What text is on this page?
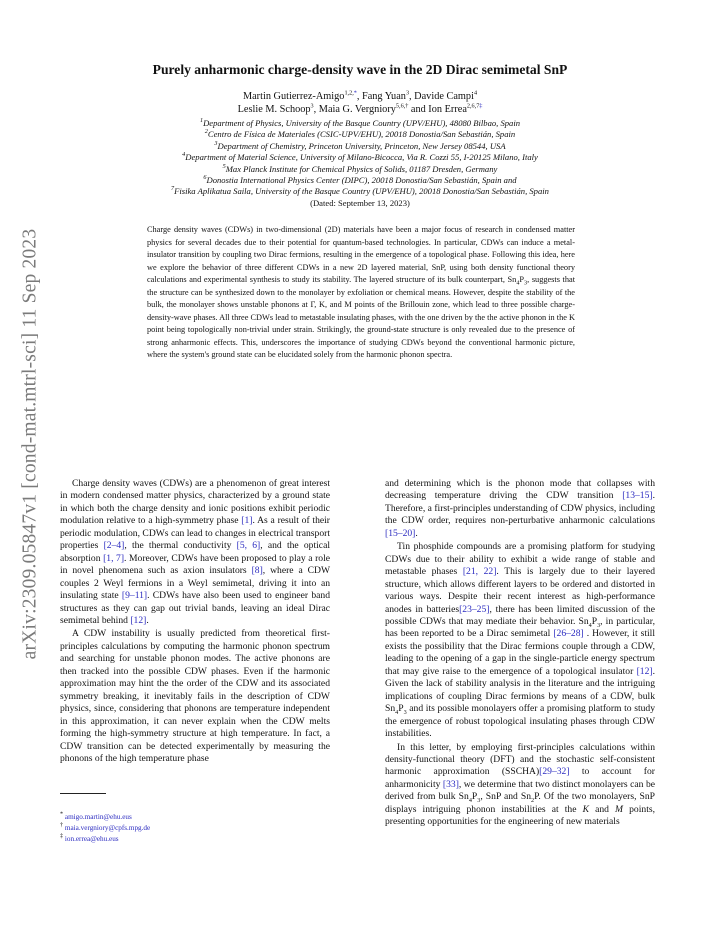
arXiv:2309.05847v1 [cond-mat.mtrl-sci] 11 Sep 2023
Purely anharmonic charge-density wave in the 2D Dirac semimetal SnP
Martin Gutierrez-Amigo$^{1,2,*}$, Fang Yuan$^3$, Davide Campi$^4$
Leslie M. Schoop$^3$, Maia G. Vergniory$^{5,6,\dagger}$ and Ion Errea$^{2,6,7\ddagger}$
$^1$Department of Physics, University of the Basque Country (UPV/EHU), 48080 Bilbao, Spain
$^2$Centro de Física de Materiales (CSIC-UPV/EHU), 20018 Donostia/San Sebastián, Spain
$^3$Department of Chemistry, Princeton University, Princeton, New Jersey 08544, USA
$^4$Department of Material Science, University of Milano-Bicocca, Via R. Cozzi 55, I-20125 Milano, Italy
$^5$Max Planck Institute for Chemical Physics of Solids, 01187 Dresden, Germany
$^6$Donostia International Physics Center (DIPC), 20018 Donostia/San Sebastián, Spain and
$^7$Fisika Aplikatua Saila, University of the Basque Country (UPV/EHU), 20018 Donostia/San Sebastián, Spain
(Dated: September 13, 2023)
Charge density waves (CDWs) in two-dimensional (2D) materials have been a major focus of research in condensed matter physics for several decades due to their potential for quantum-based technologies. In particular, CDWs can induce a metal-insulator transition by coupling two Dirac fermions, resulting in the emergence of a topological phase. Following this idea, here we explore the behavior of three different CDWs in a new 2D layered material, SnP, using both density functional theory calculations and experimental synthesis to study its stability. The layered structure of its bulk counterpart, $Sn_4P_3$, suggests that the structure can be synthesized down to the monolayer by exfoliation or chemical means. However, despite the stability of the bulk, the monolayer shows unstable phonons at Γ, K, and M points of the Brillouin zone, which lead to three possible charge-density-wave phases. All three CDWs lead to metastable insulating phases, with the one driven by the the active phonon in the K point being topologically non-trivial under strain. Strikingly, the ground-state structure is only revealed due to the presence of strong anharmonic effects. This, underscores the importance of studying CDWs beyond the conventional harmonic picture, where the system's ground state can be elucidated solely from the harmonic phonon spectra.

Charge density waves (CDWs) are a phenomenon of great interest in modern condensed matter physics, characterized by a ground state in which both the charge density and ionic positions exhibit periodic modulation relative to a high-symmetry phase [1]. As a result of their periodic modulation, CDWs can lead to changes in electrical transport properties [2–4], the thermal conductivity [5, 6], and the optical absorption [1, 7]. Moreover, CDWs have been proposed to play a role in novel phenomena such as axion insulators [8], where a CDW couples 2 Weyl fermions in a Weyl semimetal, driving it into an insulating state [9–11]. CDWs have also been used to engineer band structures as they can gap out trivial bands, leaving an ideal Dirac semimetal behind [12].

A CDW instability is usually predicted from theoretical first-principles calculations by computing the harmonic phonon spectrum and searching for unstable phonon modes. The active phonons are then tracked into the possible CDW phases. Even if the harmonic approximation may hint the the order of the CDW and its associated symmetry breaking, it inevitably fails in the description of CDW physics, since, considering that phonons are temperature independent in this approximation, it can never explain when the CDW melts forming the high-symmetry structure at high temperature. In fact, a CDW transition can be detected experimentally by measuring the phonons of the high temperature phase

and determining which is the phonon mode that collapses with decreasing temperature driving the CDW transition [13–15]. Therefore, a first-principles understanding of CDW physics, including the CDW order, requires non-perturbative anharmonic calculations [15–20].

Tin phosphide compounds are a promising platform for studying CDWs due to their ability to exhibit a wide range of stable and metastable phases [21, 22]. This is largely due to their layered structure, which allows different layers to be ordered and distorted in various ways. Despite their recent interest as high-performance anodes in batteries[23–25], there has been limited discussion of the possible CDWs that may mediate their behavior. $Sn_4P_3$, in particular, has been reported to be a Dirac semimetal [26–28] . However, it still exists the possibility that the Dirac fermions couple through a CDW, leading to the opening of a gap in the single-particle energy spectrum that may give raise to the emergence of a topological insulator [12]. Given the lack of stability analysis in the literature and the intriguing implications of coupling Dirac fermions by means of a CDW, bulk $Sn_4P_3$ and its possible monolayers offer a promising platform to study the emergence of robust topological insulating phases through CDW instabilities.

In this letter, by employing first-principles calculations within density-functional theory (DFT) and the stochastic self-consistent harmonic approximation (SSCHA)[29–32] to account for anharmonicity [33], we determine that two distinct monolayers can be derived from bulk $Sn_4P_3$, SnP and $Sn_2P$. Of the two monolayers, SnP displays intriguing phonon instabilities at the K and M points, presenting opportunities for the engineering of new materials

* amigo.martin@ehu.eus
† maia.vergniory@cpfs.mpg.de
‡ ion.errea@ehu.eus
